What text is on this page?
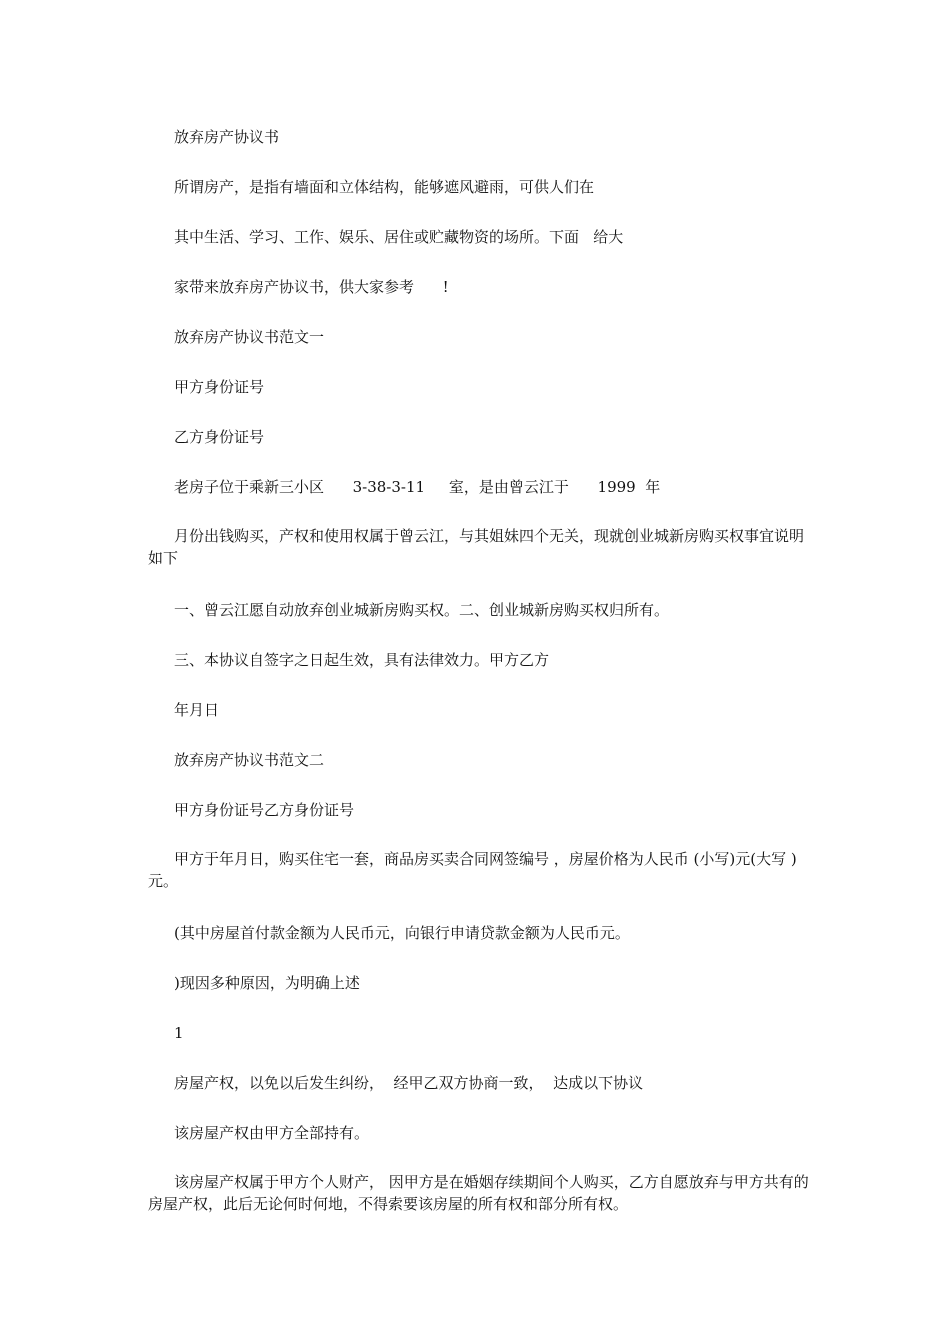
放弃房产协议书

所谓房产，是指有墙面和立体结构，能够遮风避雨，可供人们在

其中生活、学习、工作、娱乐、居住或贮藏物资的场所。下面   给大

家带来放弃房产协议书，供大家参考      !

放弃房产协议书范文一

甲方身份证号

乙方身份证号

老房子位于乘新三小区      3-38-3-11     室，是由曾云江于      1999  年

月份出钱购买，产权和使用权属于曾云江，与其姐妹四个无关，现就创业城新房购买权事宜说明如下

一、曾云江愿自动放弃创业城新房购买权。二、创业城新房购买权归所有。

三、本协议自签字之日起生效，具有法律效力。甲方乙方

年月日

放弃房产协议书范文二

甲方身份证号乙方身份证号

甲方于年月日，购买住宅一套，商品房买卖合同网签编号 ，房屋价格为人民币 (小写)元(大写 )元。

(其中房屋首付款金额为人民币元，向银行申请贷款金额为人民币元。

)现因多种原因，为明确上述

1

房屋产权，以免以后发生纠纷，  经甲乙双方协商一致，  达成以下协议

该房屋产权由甲方全部持有。

该房屋产权属于甲方个人财产， 因甲方是在婚姻存续期间个人购买，乙方自愿放弃与甲方共有的房屋产权，此后无论何时何地，不得索要该房屋的所有权和部分所有权。
